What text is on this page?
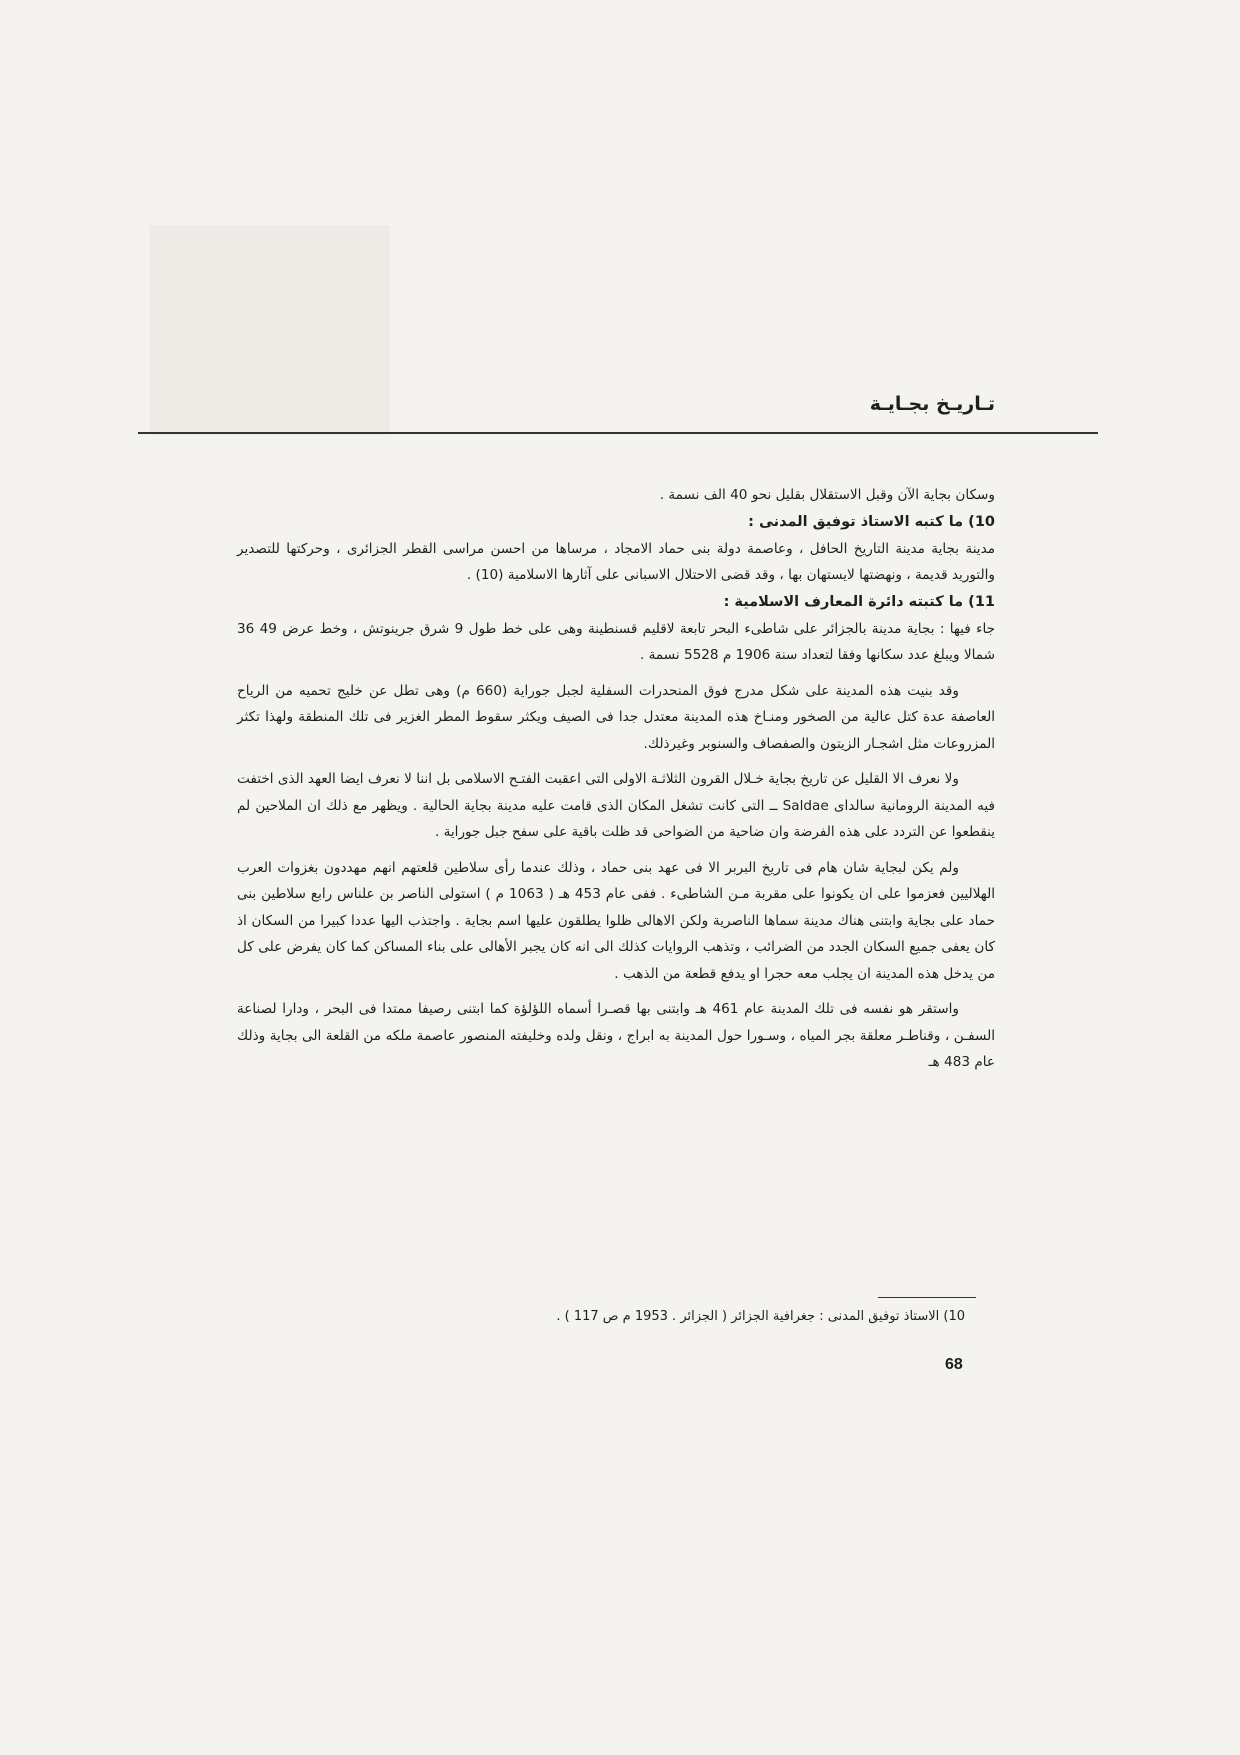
تـاريـخ بجـايـة

وسكان بجاية الآن وقبل الاستقلال بقليل نحو 40 الف نسمة .

10) ما كتبه الاستاذ توفيق المدنى :

مدينة بجاية مدينة التاريخ الحافل ، وعاصمة دولة بنى حماد الامجاد ، مرساها من احسن مراسى القطر الجزائرى ، وحركتها للتصدير والتوريد قديمة ، ونهضتها لايستهان بها ، وقد قضى الاحتلال الاسبانى على آثارها الاسلامية (10) .

11) ما كتبته دائرة المعارف الاسلامية :

جاء فيها : بجاية مدينة بالجزائر على شاطىء البحر تابعة لاقليم قسنطينة وهى على خط طول 9 شرق جرينوتش ، وخط عرض 49 36 شمالا ويبلغ عدد سكانها وفقا لتعداد سنة 1906 م 5528 نسمة .

وقد بنيت هذه المدينة على شكل مدرج فوق المنحدرات السفلية لجبل جوراية (660 م) وهى تطل عن خليج تحميه من الرياح العاصفة عدة كتل عالية من الصخور ومنـاخ هذه المدينة معتدل جدا فى الصيف ويكثر سقوط المطر الغزير فى تلك المنطقة ولهذا تكثر المزروعات مثل اشجـار الزيتون والصفصاف والسنوبر وغيرذلك.

ولا نعرف الا القليل عن تاريخ بجاية خـلال القرون الثلاثـة الاولى التى اعقبت الفتـح الاسلامى بل اننا لا نعرف ايضا العهد الذى اختفت فيه المدينة الرومانية سالداى Saldae ــ التى كانت تشغل المكان الذى قامت عليه مدينة بجاية الحالية . ويظهر مع ذلك ان الملاحين لم ينقطعوا عن التردد على هذه الفرضة وان ضاحية من الضواحى قد ظلت باقية على سفح جبل جوراية .

ولم يكن لبجاية شان هام فى تاريخ البربر الا فى عهد بنى حماد ، وذلك عندما رأى سلاطين قلعتهم انهم مهددون بغزوات العرب الهلاليين فعزموا على ان يكونوا على مقربة مـن الشاطىء . ففى عام 453 هـ ( 1063 م ) استولى الناصر بن علناس رابع سلاطين بنى حماد على بجاية وابتنى هناك مدينة سماها الناصرية ولكن الاهالى ظلوا يطلقون عليها اسم بجاية . واجتذب اليها عددا كبيرا من السكان اذ كان يعفى جميع السكان الجدد من الضرائب ، وتذهب الروايات كذلك الى انه كان يجبر الأهالى على بناء المساكن كما كان يفرض على كل من يدخل هذه المدينة ان يجلب معه حجرا او يدفع قطعة من الذهب .

واستقر هو نفسه فى تلك المدينة عام 461 هـ وابتنى بها قصـرا أسماه اللؤلؤة كما ابتنى رصيفا ممتدا فى البحر ، ودارا لصناعة السفـن ، وقناطـر معلقة بجر المياه ، وسـورا حول المدينة به ابراج ، ونقل ولده وخليفته المنصور عاصمة ملكه من القلعة الى بجاية وذلك عام 483 هـ

10) الاستاذ توفيق المدنى : جغرافية الجزائر ( الجزائر . 1953 م ص 117 ) .
68
